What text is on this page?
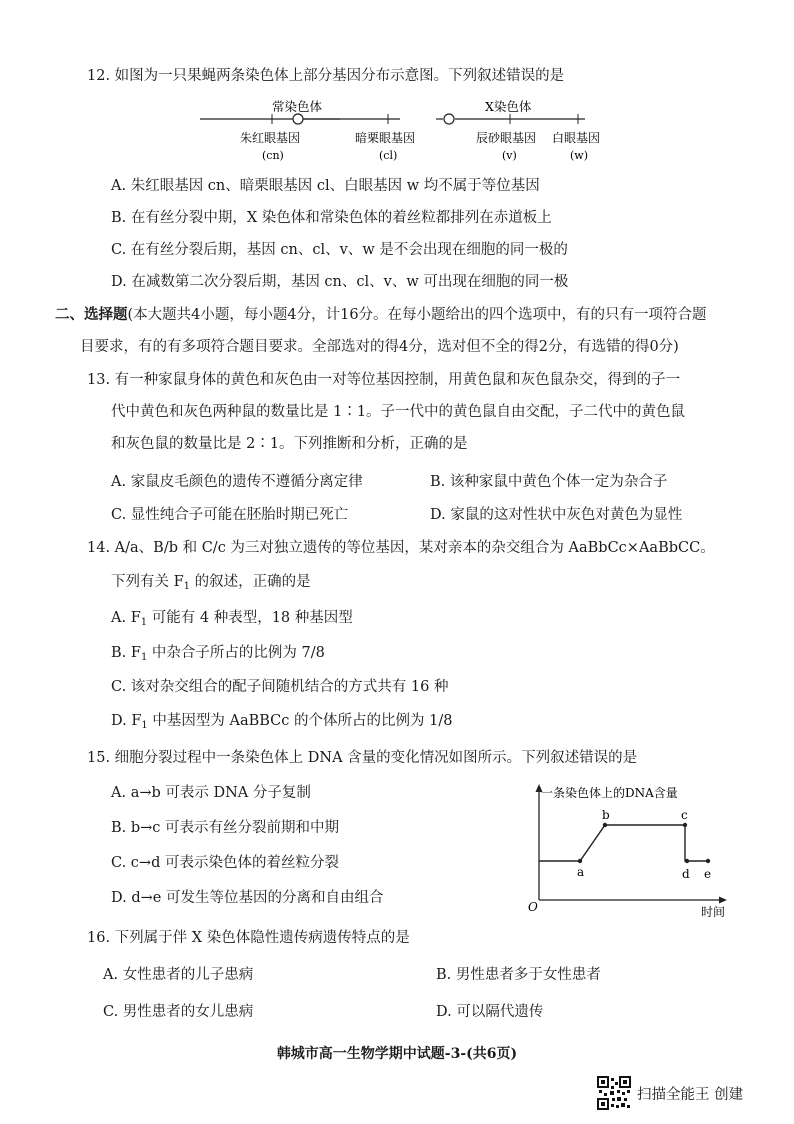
12. 如图为一只果蝇两条染色体上部分基因分布示意图。下列叙述错误的是
常染色体	X染色体
朱红眼基因
(cn)
暗栗眼基因
(cl)
辰砂眼基因
(v)
白眼基因
(w)
A. 朱红眼基因 cn、暗栗眼基因 cl、白眼基因 w 均不属于等位基因
B. 在有丝分裂中期，X 染色体和常染色体的着丝粒都排列在赤道板上
C. 在有丝分裂后期，基因 cn、cl、v、w 是不会出现在细胞的同一极的
D. 在减数第二次分裂后期，基因 cn、cl、v、w 可出现在细胞的同一极
二、选择题(本大题共4小题，每小题4分，计16分。在每小题给出的四个选项中，有的只有一项符合题
目要求，有的有多项符合题目要求。全部选对的得4分，选对但不全的得2分，有选错的得0分)
13. 有一种家鼠身体的黄色和灰色由一对等位基因控制，用黄色鼠和灰色鼠杂交，得到的子一
代中黄色和灰色两种鼠的数量比是 1∶1。子一代中的黄色鼠自由交配，子二代中的黄色鼠
和灰色鼠的数量比是 2∶1。下列推断和分析，正确的是
A. 家鼠皮毛颜色的遗传不遵循分离定律	B. 该种家鼠中黄色个体一定为杂合子
C. 显性纯合子可能在胚胎时期已死亡	D. 家鼠的这对性状中灰色对黄色为显性
14. A/a、B/b 和 C/c 为三对独立遗传的等位基因，某对亲本的杂交组合为 AaBbCc×AaBbCC。
下列有关 $F_1$ 的叙述，正确的是
A. $F_1$ 可能有 4 种表型，18 种基因型
B. $F_1$ 中杂合子所占的比例为 7/8
C. 该对杂交组合的配子间随机结合的方式共有 16 种
D. $F_1$ 中基因型为 AaBBCc 的个体所占的比例为 1/8
15. 细胞分裂过程中一条染色体上 DNA 含量的变化情况如图所示。下列叙述错误的是
A. a→b 可表示 DNA 分子复制
B. b→c 可表示有丝分裂前期和中期
C. c→d 可表示染色体的着丝粒分裂
D. d→e 可发生等位基因的分离和自由组合
一条染色体上的DNA含量
时间
O
a
b	c
d e
16. 下列属于伴 X 染色体隐性遗传病遗传特点的是
A. 女性患者的儿子患病	B. 男性患者多于女性患者
C. 男性患者的女儿患病	D. 可以隔代遗传
韩城市高一生物学期中试题-3-(共6页)
扫描全能王 创建
